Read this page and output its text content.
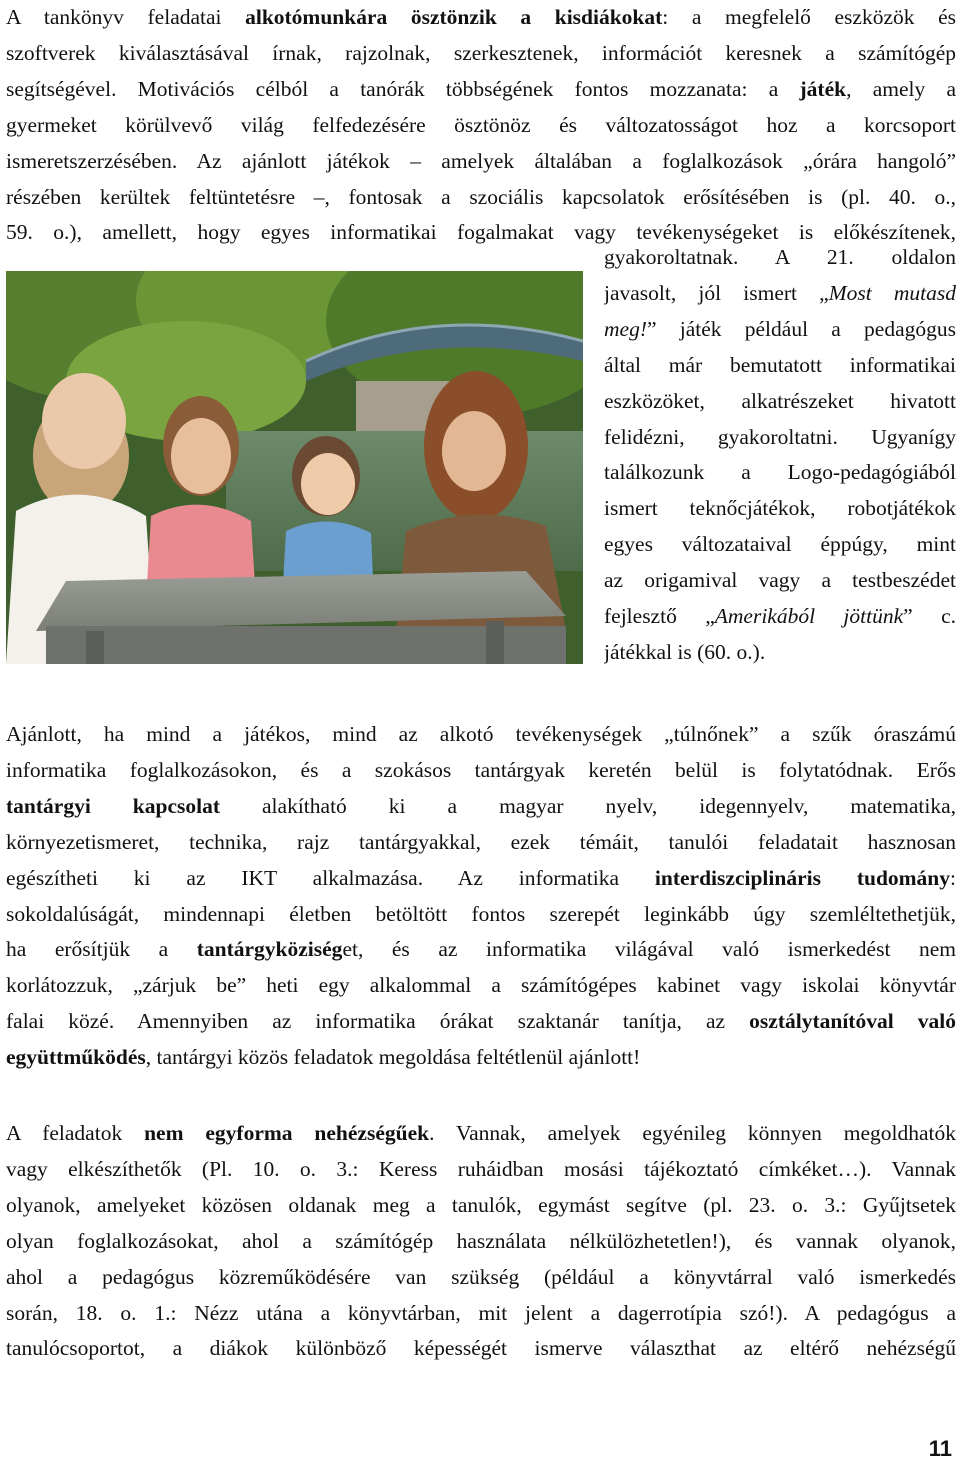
A tankönyv feladatai alkotómunkára ösztönzik a kisdiákokat: a megfelelő eszközök és
szoftverek kiválasztásával írnak, rajzolnak, szerkesztenek, információt keresnek a számítógép
segítségével. Motivációs célból a tanórák többségének fontos mozzanata: a játék, amely a
gyermeket körülvevő világ felfedezésére ösztönöz és változatosságot hoz a korcsoport
ismeretszerzésében. Az ajánlott játékok – amelyek általában a foglalkozások „órára hangoló”
részében kerültek feltüntetésre –, fontosak a szociális kapcsolatok erősítésében is (pl. 40. o.,
59. o.), amellett, hogy egyes informatikai fogalmakat vagy tevékenységeket is előkészítenek,
gyakoroltatnak. A 21. oldalon
javasolt, jól ismert „Most mutasd
meg!” játék például a pedagógus
által már bemutatott informatikai
eszközöket, alkatrészeket hivatott
felidézni, gyakoroltatni. Ugyanígy
találkozunk a Logo-pedagógiából
ismert teknőcjátékok, robotjátékok
egyes változataival éppúgy, mint
az origamival vagy a testbeszédet
fejlesztő „Amerikából jöttünk” c.
játékkal is (60. o.).
Ajánlott, ha mind a játékos, mind az alkotó tevékenységek „túlnőnek” a szűk óraszámú
informatika foglalkozásokon, és a szokásos tantárgyak keretén belül is folytatódnak. Erős
tantárgyi kapcsolat alakítható ki a magyar nyelv, idegennyelv, matematika,
környezetismeret, technika, rajz tantárgyakkal, ezek témáit, tanulói feladatait hasznosan
egészítheti ki az IKT alkalmazása. Az informatika interdiszciplináris tudomány:
sokoldalúságát, mindennapi életben betöltött fontos szerepét leginkább úgy szemléltethetjük,
ha erősítjük a tantárgyköziséget, és az informatika világával való ismerkedést nem
korlátozzuk, „zárjuk be” heti egy alkalommal a számítógépes kabinet vagy iskolai könyvtár
falai közé. Amennyiben az informatika órákat szaktanár tanítja, az osztálytanítóval való
együttműködés, tantárgyi közös feladatok megoldása feltétlenül ajánlott!
A feladatok nem egyforma nehézségűek. Vannak, amelyek egyénileg könnyen megoldhatók
vagy elkészíthetők (Pl. 10. o. 3.: Keress ruháidban mosási tájékoztató címkéket…). Vannak
olyanok, amelyeket közösen oldanak meg a tanulók, egymást segítve (pl. 23. o. 3.: Gyűjtsetek
olyan foglalkozásokat, ahol a számítógép használata nélkülözhetetlen!), és vannak olyanok,
ahol a pedagógus közreműködésére van szükség (például a könyvtárral való ismerkedés
során, 18. o. 1.: Nézz utána a könyvtárban, mit jelent a dagerrotípia szó!). A pedagógus a
tanulócsoportot, a diákok különböző képességét ismerve választhat az eltérő nehézségű
11
